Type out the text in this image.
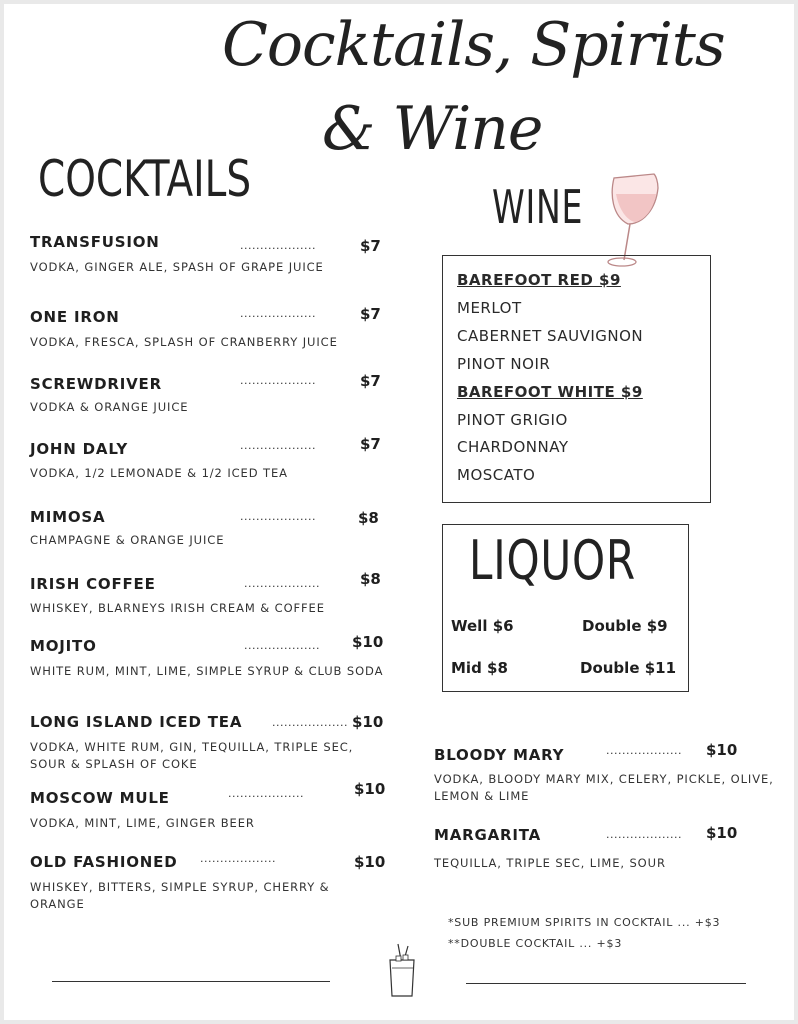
Cocktails, Spirits
& Wine
COCKTAILS
TRANSFUSION	...................	$7
VODKA, GINGER ALE, SPASH OF GRAPE JUICE
ONE IRON	...................	$7
VODKA, FRESCA, SPLASH OF CRANBERRY JUICE
SCREWDRIVER	...................	$7
VODKA & ORANGE JUICE
JOHN DALY	...................	$7
VODKA, 1/2 LEMONADE & 1/2 ICED TEA
MIMOSA	...................	$8
CHAMPAGNE & ORANGE JUICE
IRISH COFFEE	...................	$8
WHISKEY, BLARNEYS IRISH CREAM & COFFEE
MOJITO	................... $10
WHITE RUM, MINT, LIME, SIMPLE SYRUP & CLUB SODA
LONG ISLAND ICED TEA	................... $10
VODKA, WHITE RUM, GIN, TEQUILLA, TRIPLE SEC, SOUR & SPLASH OF COKE
MOSCOW MULE	...................	$10
VODKA, MINT, LIME, GINGER BEER
OLD FASHIONED ...................	$10
WHISKEY, BITTERS, SIMPLE SYRUP, CHERRY & ORANGE
WINE
BAREFOOT RED $9
MERLOT
CABERNET SAUVIGNON
PINOT NOIR
BAREFOOT WHITE $9
PINOT GRIGIO
CHARDONNAY
MOSCATO
LIQUOR
Well $6	Double $9
Mid $8	Double $11
BLOODY MARY	................... $10
VODKA, BLOODY MARY MIX, CELERY, PICKLE, OLIVE, LEMON & LIME
MARGARITA	................... $10
TEQUILLA, TRIPLE SEC, LIME, SOUR
*SUB PREMIUM SPIRITS IN COCKTAIL ... +$3
**DOUBLE COCKTAIL ... +$3
